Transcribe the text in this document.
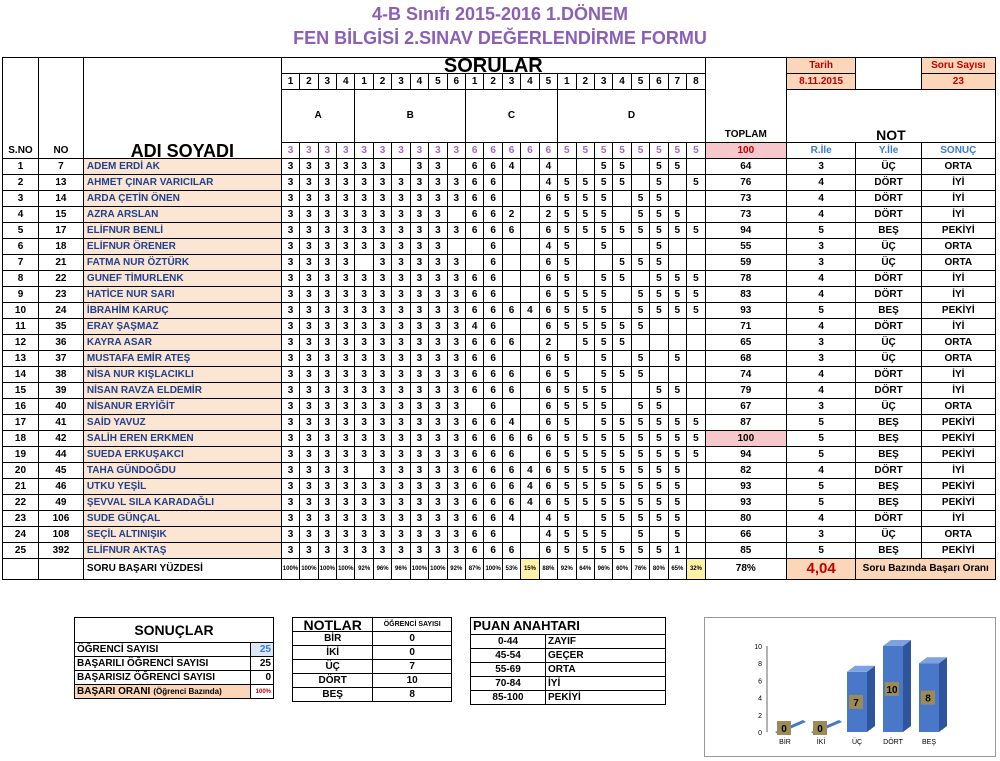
4-B Sınıfı 2015-2016 1.DÖNEM
FEN BİLGİSİ 2.SINAV DEĞERLENDİRME FORMU
S.NO	NO	ADI SOYADI	SORULAR																							TOPLAM	Tarih		Soru Sayısı
			1	2	3	4	1	2	3	4	5	6	1	2	3	4	5	1	2	3	4	5	6	7	8		8.11.2015		23
			A				B						C					D									NOT		
			3	3	3	3	3	3	3	3	3	3	6	6	6	6	6	5	5	5	5	5	5	5	5	100	R.İle	Y.İle	SONUÇ
1	7	ADEM ERDİ AK	3	3	3	3	3	3		3	3		6	6	4		4			5	5		5	5		64	3	ÜÇ	ORTA
2	13	AHMET ÇINAR VARICILAR	3	3	3	3	3	3	3	3	3	3	6	6			4	5	5	5	5		5		5	76	4	DÖRT	İYİ
3	14	ARDA ÇETİN ÖNEN	3	3	3	3	3	3	3	3	3	3	6	6			6	5	5	5		5	5			73	4	DÖRT	İYİ
4	15	AZRA ARSLAN	3	3	3	3	3	3	3	3	3		6	6	2		2	5	5	5		5	5	5		73	4	DÖRT	İYİ
5	17	ELİFNUR BENLİ	3	3	3	3	3	3	3	3	3	3	6	6	6		6	5	5	5	5	5	5	5	5	94	5	BEŞ	PEKİYİ
6	18	ELİFNUR ÖRENER	3	3	3	3	3	3	3	3	3			6			4	5		5			5			55	3	ÜÇ	ORTA
7	21	FATMA NUR ÖZTÜRK	3	3	3	3		3	3	3	3	3		6			6	5			5	5	5			59	3	ÜÇ	ORTA
8	22	GUNEF TİMURLENK	3	3	3	3	3	3	3	3	3	3	6	6			6	5		5	5		5	5	5	78	4	DÖRT	İYİ
9	23	HATİCE NUR SARI	3	3	3	3	3	3	3	3	3	3	6	6			6	5	5	5		5	5	5	5	83	4	DÖRT	İYİ
10	24	İBRAHİM KARUÇ	3	3	3	3	3	3	3	3	3	3	6	6	6	4	6	5	5	5		5	5	5	5	93	5	BEŞ	PEKİYİ
11	35	ERAY ŞAŞMAZ	3	3	3	3	3	3	3	3	3	3	4	6			6	5	5	5	5	5				71	4	DÖRT	İYİ
12	36	KAYRA ASAR	3	3	3	3	3	3	3	3	3	3	6	6	6		2		5	5	5					65	3	ÜÇ	ORTA
13	37	MUSTAFA EMİR ATEŞ	3	3	3	3	3	3	3	3	3	3	6	6			6	5		5		5		5		68	3	ÜÇ	ORTA
14	38	NİSA NUR KIŞLACIKLI	3	3	3	3	3	3	3	3	3	3	6	6	6		6	5		5	5	5				74	4	DÖRT	İYİ
15	39	NİSAN RAVZA ELDEMİR	3	3	3	3	3	3	3	3	3	3	6	6	6		6	5	5	5			5	5		79	4	DÖRT	İYİ
16	40	NİSANUR ERYİĞİT	3	3	3	3	3	3	3	3	3	3		6			6	5	5	5		5	5			67	3	ÜÇ	ORTA
17	41	SAİD YAVUZ	3	3	3	3	3	3	3	3	3	3	6	6	4		6	5		5	5	5	5	5	5	87	5	BEŞ	PEKİYİ
18	42	SALİH EREN ERKMEN	3	3	3	3	3	3	3	3	3	3	6	6	6	6	6	5	5	5	5	5	5	5	5	100	5	BEŞ	PEKİYİ
19	44	SUEDA ERKUŞAKCI	3	3	3	3	3	3	3	3	3	3	6	6	6		6	5	5	5	5	5	5	5	5	94	5	BEŞ	PEKİYİ
20	45	TAHA GÜNDOĞDU	3	3	3	3		3	3	3	3	3	6	6	6	4	6	5	5	5	5	5	5	5		82	4	DÖRT	İYİ
21	46	UTKU YEŞİL	3	3	3	3	3	3	3	3	3	3	6	6	6	4	6	5	5	5	5	5	5	5		93	5	BEŞ	PEKİYİ
22	49	ŞEVVAL SILA KARADAĞLI	3	3	3	3	3	3	3	3	3	3	6	6	6	4	6	5	5	5	5	5	5	5		93	5	BEŞ	PEKİYİ
23	106	SUDE GÜNÇAL	3	3	3	3	3	3	3	3	3	3	6	6	4		4	5		5	5	5	5	5		80	4	DÖRT	İYİ
24	108	SEÇİL ALTINIŞIK	3	3	3	3	3	3	3	3	3	3	6	6			4	5	5	5		5		5		66	3	ÜÇ	ORTA
25	392	ELİFNUR AKTAŞ	3	3	3	3	3	3	3	3	3	3	6	6	6		6	5	5	5	5	5	5	1		85	5	BEŞ	PEKİYİ
		SORU BAŞARI YÜZDESİ	100%	100%	100%	100%	92%	96%	96%	100%	100%	92%	87%	100%	53%	15%	88%	92%	64%	96%	60%	76%	80%	65%	32%	78%	4,04	Soru Bazında Başarı Oranı	
SONUÇLAR	
ÖĞRENCİ SAYISI	25
BAŞARILI ÖĞRENCİ SAYISI	25
BAŞARISIZ ÖĞRENCİ SAYISI	0
BAŞARI ORANI (Öğrenci Bazında)	100%
NOTLAR	ÖĞRENCİ SAYISI
BİR	0
İKİ	0
ÜÇ	7
DÖRT	10
BEŞ	8
PUAN ANAHTARI	
0-44	ZAYIF
45-54	GEÇER
55-69	ORTA
70-84	İYİ
85-100	PEKİYİ
0
2
4
6
8
10
0
BİR
0
İKİ
7
ÜÇ
10
DÖRT
8
BEŞ
